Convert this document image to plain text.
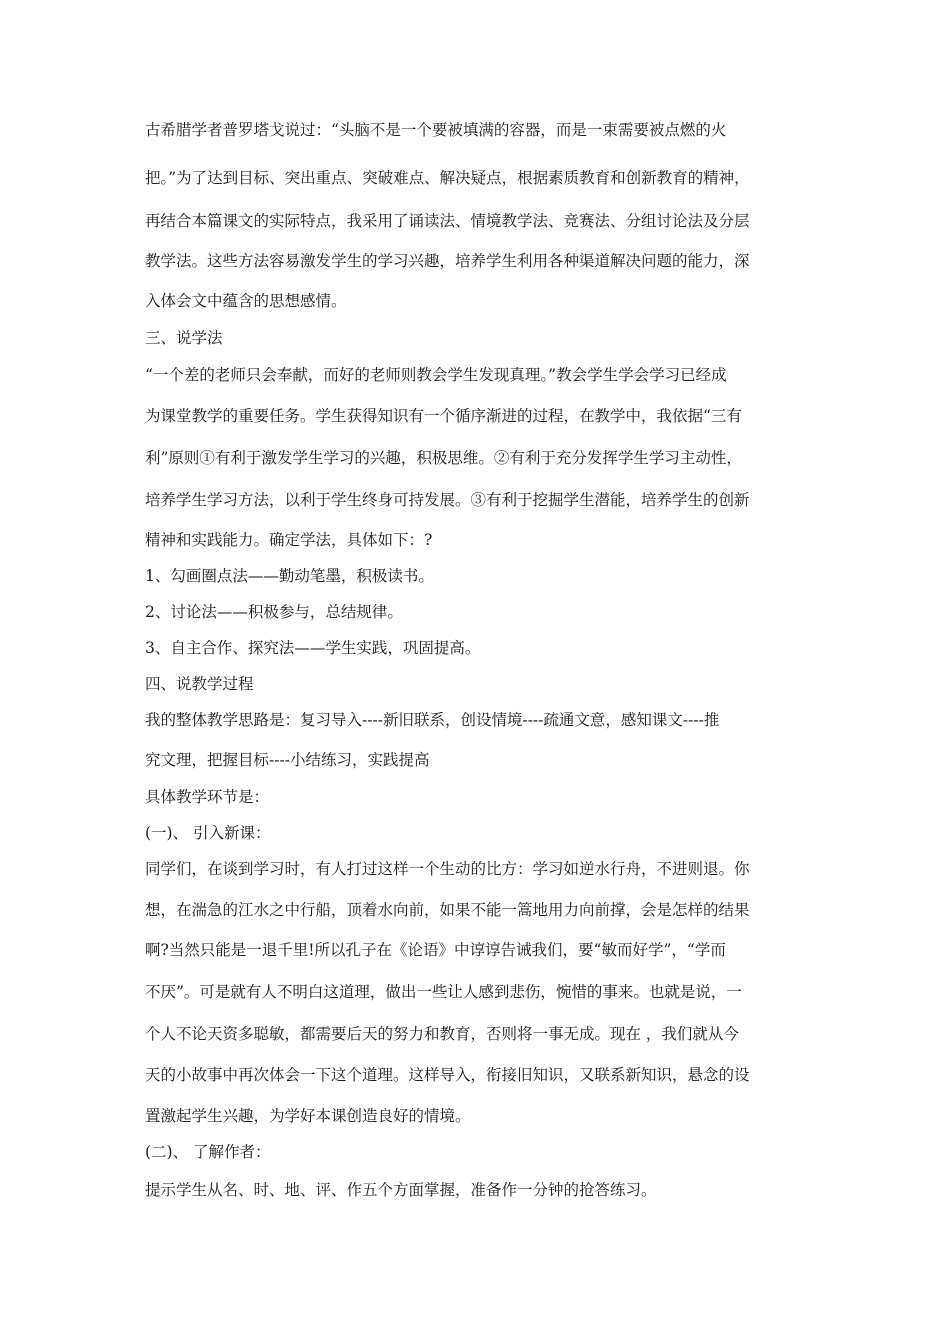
古希腊学者普罗塔戈说过：“头脑不是一个要被填满的容器，而是一束需要被点燃的火

把。”为了达到目标、突出重点、突破难点、解决疑点，根据素质教育和创新教育的精神，

再结合本篇课文的实际特点，我采用了诵读法、情境教学法、竞赛法、分组讨论法及分层

教学法。这些方法容易激发学生的学习兴趣，培养学生利用各种渠道解决问题的能力，深

入体会文中蕴含的思想感情。

三、说学法

“一个差的老师只会奉献，而好的老师则教会学生发现真理。”教会学生学会学习已经成

为课堂教学的重要任务。学生获得知识有一个循序渐进的过程，在教学中，我依据“三有

利”原则①有利于激发学生学习的兴趣，积极思维。②有利于充分发挥学生学习主动性，

培养学生学习方法，以利于学生终身可持发展。③有利于挖掘学生潜能，培养学生的创新

精神和实践能力。确定学法，具体如下：?

1、勾画圈点法——勤动笔墨，积极读书。

2、讨论法——积极参与，总结规律。

3、自主合作、探究法——学生实践，巩固提高。

四、说教学过程

我的整体教学思路是：复习导入----新旧联系，创设情境----疏通文意，感知课文----推

究文理，把握目标----小结练习，实践提高

具体教学环节是：

(一)、 引入新课：

同学们，在谈到学习时，有人打过这样一个生动的比方：学习如逆水行舟，不进则退。你

想，在湍急的江水之中行船，顶着水向前，如果不能一篙地用力向前撑，会是怎样的结果

啊?当然只能是一退千里!所以孔子在《论语》中谆谆告诫我们，要“敏而好学”，“学而

不厌”。可是就有人不明白这道理，做出一些让人感到悲伤，惋惜的事来。也就是说，一

个人不论天资多聪敏，都需要后天的努力和教育，否则将一事无成。现在 ，我们就从今

天的小故事中再次体会一下这个道理。这样导入，衔接旧知识，又联系新知识，悬念的设

置激起学生兴趣，为学好本课创造良好的情境。

(二)、 了解作者：

提示学生从名、时、地、评、作五个方面掌握，准备作一分钟的抢答练习。
